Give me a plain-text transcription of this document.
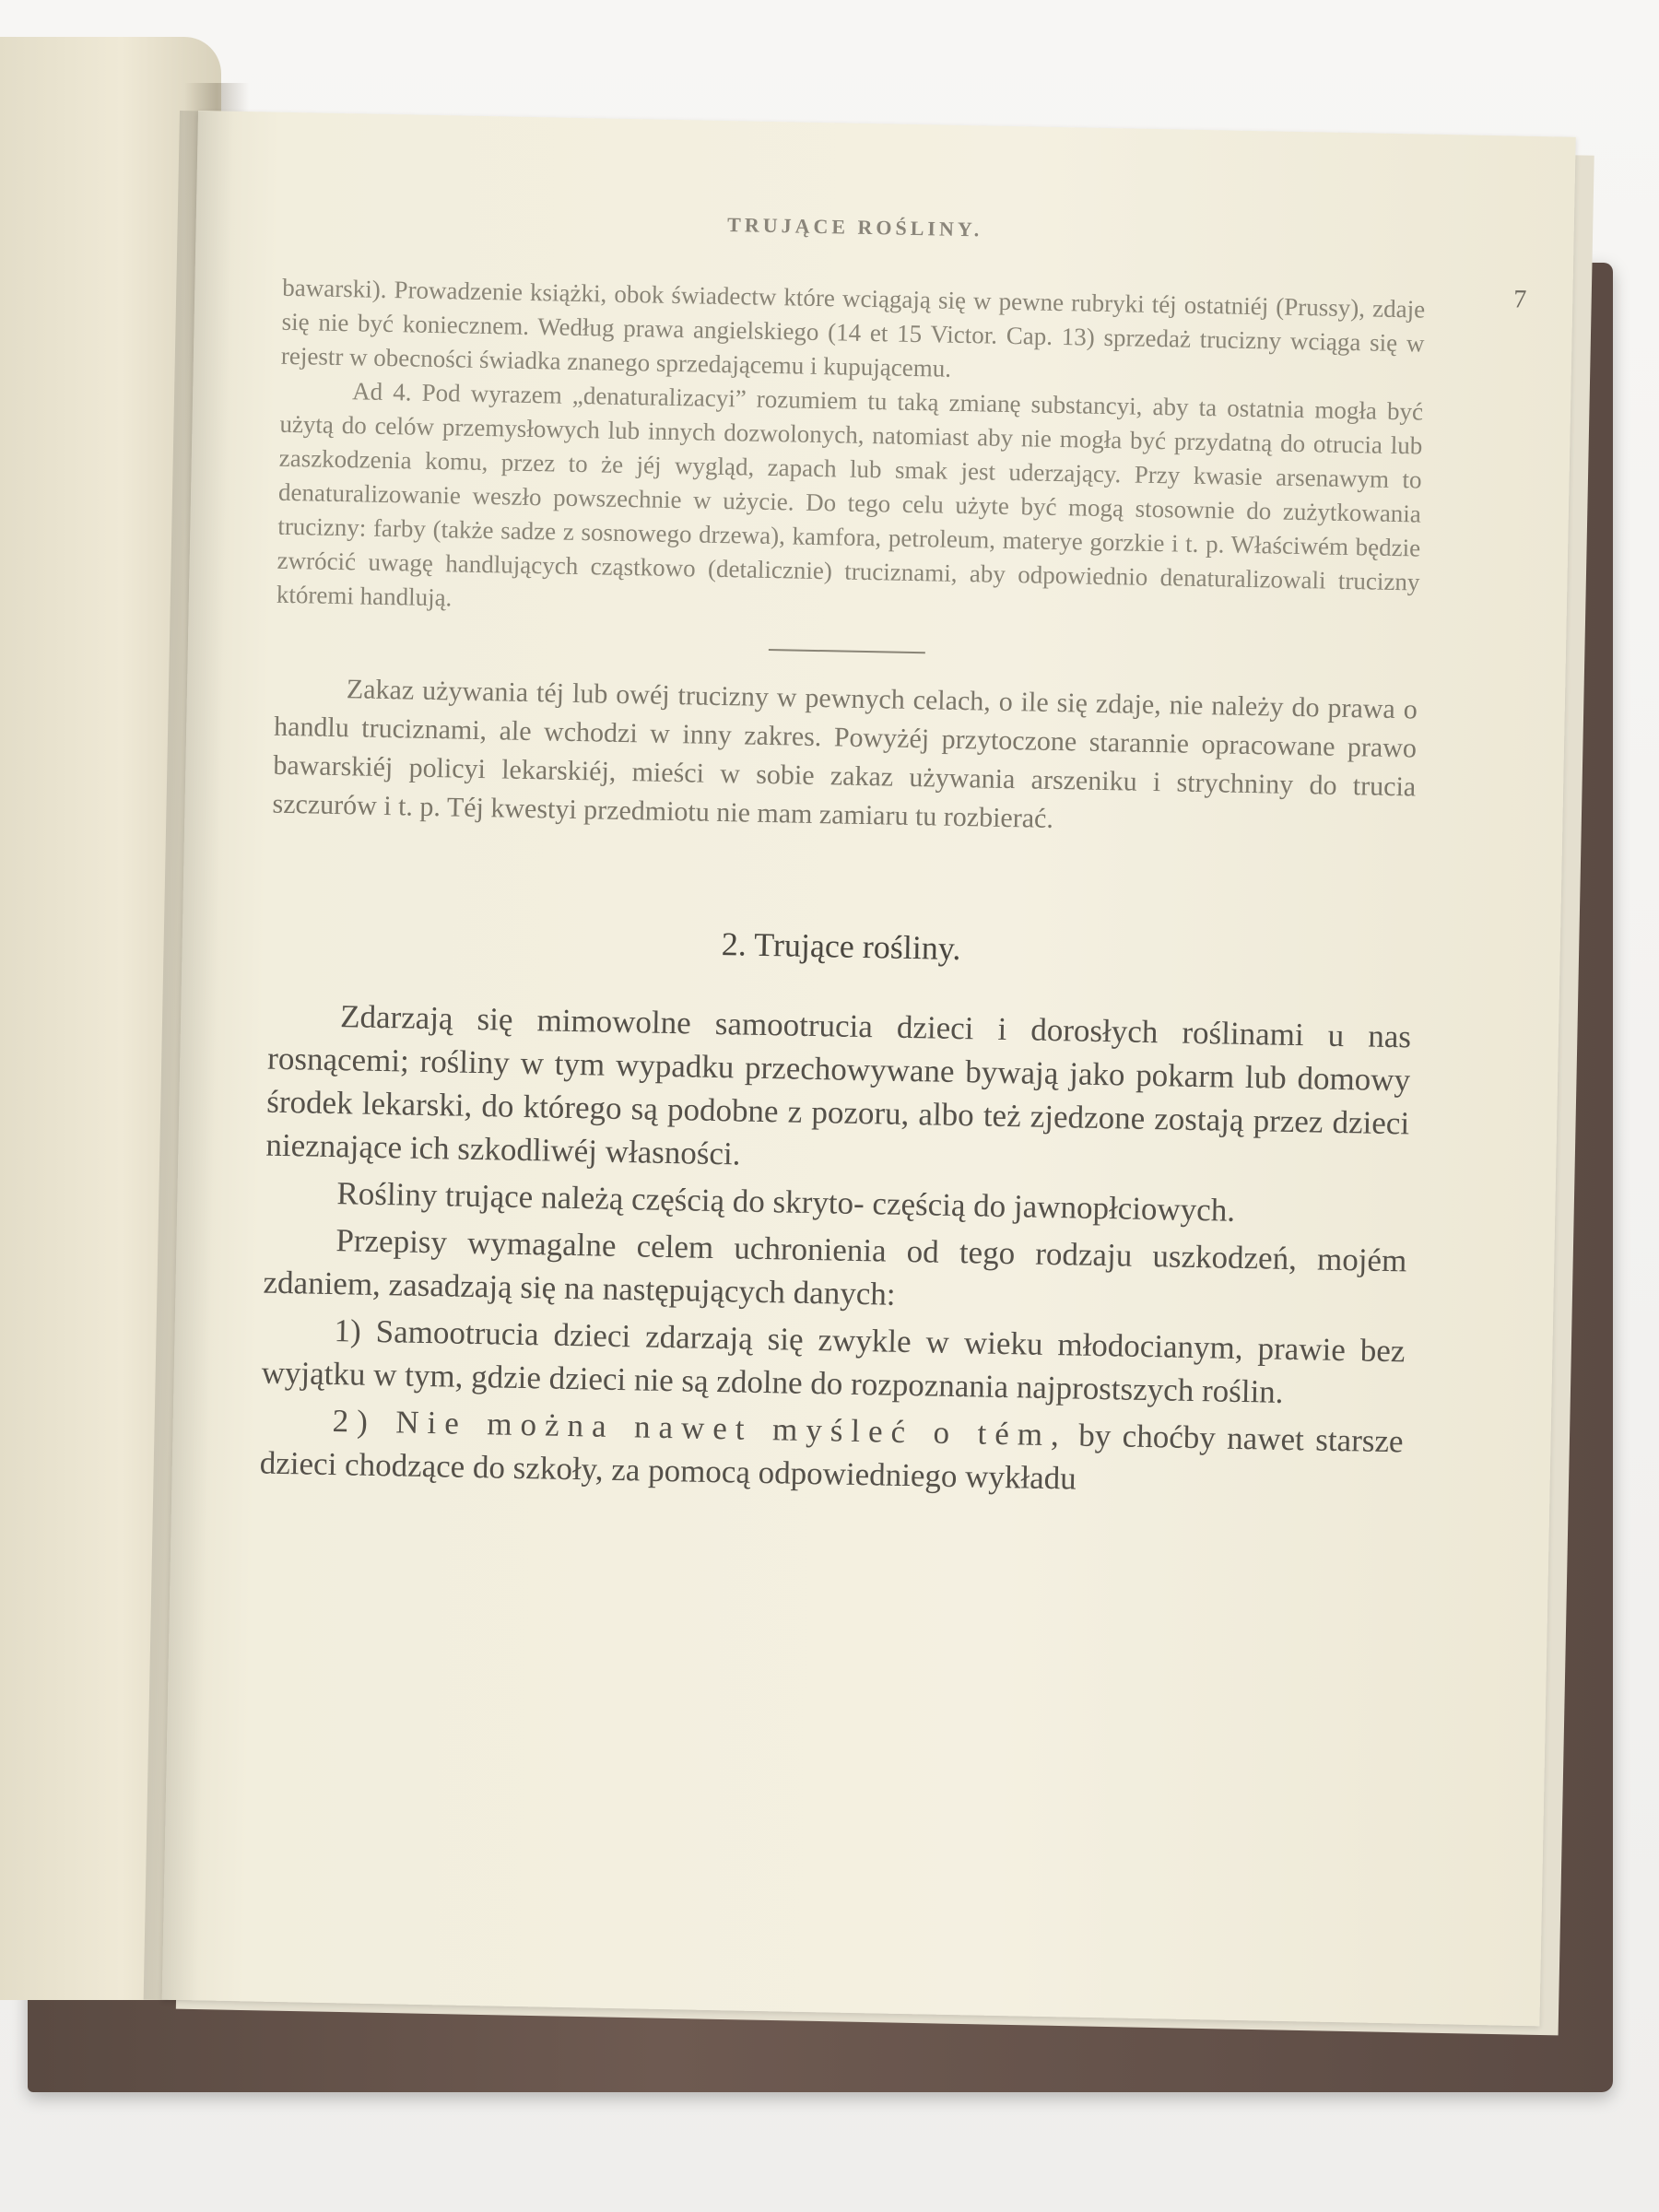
7
TRUJĄCE ROŚLINY.

bawarski). Prowadzenie książki, obok świadectw które wciągają się w pewne rubryki téj ostatniéj (Prussy), zdaje się nie być koniecznem. Według prawa angielskiego (14 et 15 Victor. Cap. 13) sprzedaż trucizny wciąga się w rejestr w obecności świadka znanego sprzedającemu i kupującemu.

Ad 4. Pod wyrazem „denaturalizacyi” rozumiem tu taką zmianę substancyi, aby ta ostatnia mogła być użytą do celów przemysłowych lub innych dozwolonych, natomiast aby nie mogła być przydatną do otrucia lub zaszkodzenia komu, przez to że jéj wygląd, zapach lub smak jest uderzający. Przy kwasie arsenawym to denaturalizowanie weszło powszechnie w użycie. Do tego celu użyte być mogą stosownie do zużytkowania trucizny: farby (także sadze z sosnowego drzewa), kamfora, petroleum, materye gorzkie i t. p. Właściwém będzie zwrócić uwagę handlujących cząstkowo (detalicznie) truciznami, aby odpowiednio denaturalizowali trucizny któremi handlują.

Zakaz używania téj lub owéj trucizny w pewnych celach, o ile się zdaje, nie należy do prawa o handlu truciznami, ale wchodzi w inny zakres. Powyżéj przytoczone starannie opracowane prawo bawarskiéj policyi lekarskiéj, mieści w sobie zakaz używania arszeniku i strychniny do trucia szczurów i t. p. Téj kwestyi przedmiotu nie mam zamiaru tu rozbierać.

2. Trujące rośliny.

Zdarzają się mimowolne samootrucia dzieci i dorosłych roślinami u nas rosnącemi; rośliny w tym wypadku przechowywane bywają jako pokarm lub domowy środek lekarski, do którego są podobne z pozoru, albo też zjedzone zostają przez dzieci nieznające ich szkodliwéj własności.

Rośliny trujące należą częścią do skryto- częścią do jawnopłciowych.

Przepisy wymagalne celem uchronienia od tego rodzaju uszkodzeń, mojém zdaniem, zasadzają się na następujących danych:

1) Samootrucia dzieci zdarzają się zwykle w wieku młodocianym, prawie bez wyjątku w tym, gdzie dzieci nie są zdolne do rozpoznania najprostszych roślin.

2) Nie można nawet myśleć o tém, by choćby nawet starsze dzieci chodzące do szkoły, za pomocą odpowiedniego wykładu
